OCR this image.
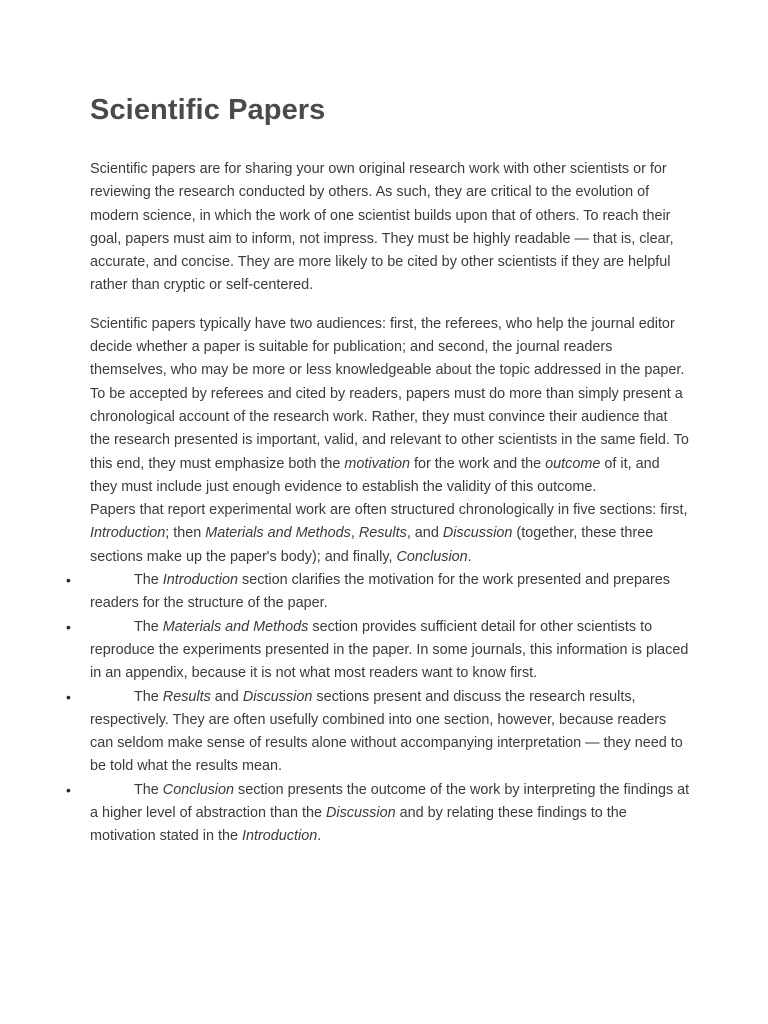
Scientific Papers

Scientific papers are for sharing your own original research work with other scientists or for reviewing the research conducted by others. As such, they are critical to the evolution of modern science, in which the work of one scientist builds upon that of others. To reach their goal, papers must aim to inform, not impress. They must be highly readable — that is, clear, accurate, and concise. They are more likely to be cited by other scientists if they are helpful rather than cryptic or self-centered.

Scientific papers typically have two audiences: first, the referees, who help the journal editor decide whether a paper is suitable for publication; and second, the journal readers themselves, who may be more or less knowledgeable about the topic addressed in the paper. To be accepted by referees and cited by readers, papers must do more than simply present a chronological account of the research work. Rather, they must convince their audience that the research presented is important, valid, and relevant to other scientists in the same field. To this end, they must emphasize both the motivation for the work and the outcome of it, and they must include just enough evidence to establish the validity of this outcome.

Papers that report experimental work are often structured chronologically in five sections: first, Introduction; then Materials and Methods, Results, and Discussion (together, these three sections make up the paper's body); and finally, Conclusion.

•	The Introduction section clarifies the motivation for the work presented and prepares readers for the structure of the paper.
•	The Materials and Methods section provides sufficient detail for other scientists to reproduce the experiments presented in the paper. In some journals, this information is placed in an appendix, because it is not what most readers want to know first.
•	The Results and Discussion sections present and discuss the research results, respectively. They are often usefully combined into one section, however, because readers can seldom make sense of results alone without accompanying interpretation — they need to be told what the results mean.
•	The Conclusion section presents the outcome of the work by interpreting the findings at a higher level of abstraction than the Discussion and by relating these findings to the motivation stated in the Introduction.
